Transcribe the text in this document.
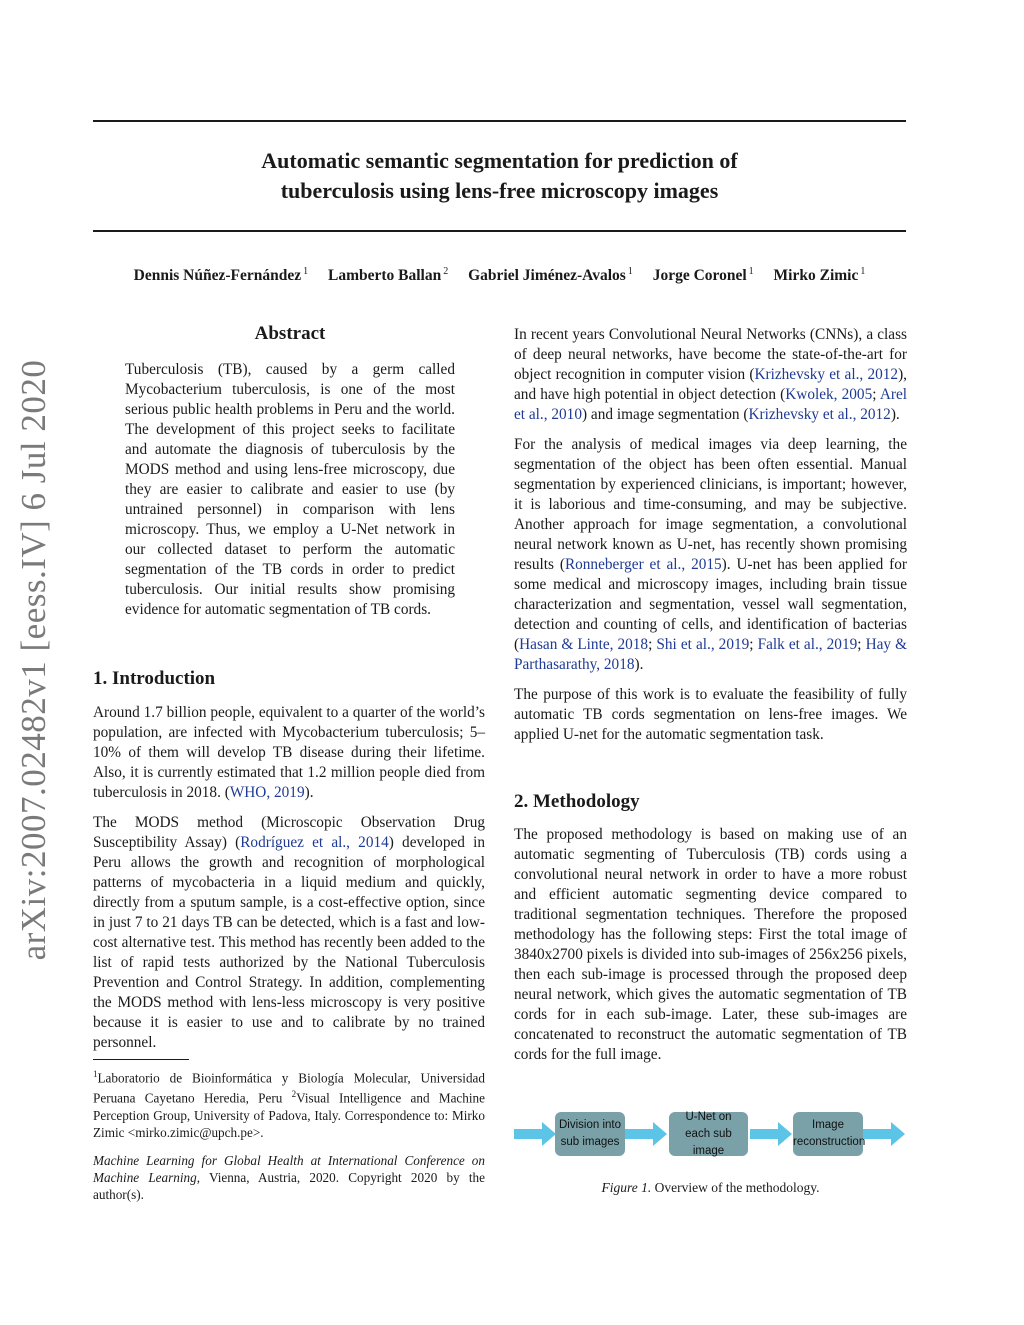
Automatic semantic segmentation for prediction of
tuberculosis using lens-free microscopy images
Dennis Núñez-Fernández $^1$ Lamberto Ballan $^2$ Gabriel Jiménez-Avalos $^1$ Jorge Coronel $^1$ Mirko Zimic $^1$
arXiv:2007.02482v1 [eess.IV] 6 Jul 2020
Abstract

Tuberculosis (TB), caused by a germ called Mycobacterium tuberculosis, is one of the most serious public health problems in Peru and the world. The development of this project seeks to facilitate and automate the diagnosis of tuberculosis by the MODS method and using lens-free microscopy, due they are easier to calibrate and easier to use (by untrained personnel) in comparison with lens microscopy. Thus, we employ a U-Net network in our collected dataset to perform the automatic segmentation of the TB cords in order to predict tuberculosis. Our initial results show promising evidence for automatic segmentation of TB cords.

1. Introduction

Around 1.7 billion people, equivalent to a quarter of the world’s population, are infected with Mycobacterium tuberculosis; 5–10% of them will develop TB disease during their lifetime. Also, it is currently estimated that 1.2 million people died from tuberculosis in 2018. (WHO, 2019).

The MODS method (Microscopic Observation Drug Susceptibility Assay) (Rodríguez et al., 2014) developed in Peru allows the growth and recognition of morphological patterns of mycobacteria in a liquid medium and quickly, directly from a sputum sample, is a cost-effective option, since in just 7 to 21 days TB can be detected, which is a fast and low-cost alternative test. This method has recently been added to the list of rapid tests authorized by the National Tuberculosis Prevention and Control Strategy. In addition, complementing the MODS method with lens-less microscopy is very positive because it is easier to use and to calibrate by no trained personnel.

$^1$Laboratorio de Bioinformática y Biología Molecular, Universidad Peruana Cayetano Heredia, Peru $^2$Visual Intelligence and Machine Perception Group, University of Padova, Italy. Correspondence to: Mirko Zimic <mirko.zimic@upch.pe>.
Machine Learning for Global Health at International Conference on Machine Learning, Vienna, Austria, 2020. Copyright 2020 by the author(s).

In recent years Convolutional Neural Networks (CNNs), a class of deep neural networks, have become the state-of-the-art for object recognition in computer vision (Krizhevsky et al., 2012), and have high potential in object detection (Kwolek, 2005; Arel et al., 2010) and image segmentation (Krizhevsky et al., 2012).

For the analysis of medical images via deep learning, the segmentation of the object has been often essential. Manual segmentation by experienced clinicians, is important; however, it is laborious and time-consuming, and may be subjective. Another approach for image segmentation, a convolutional neural network known as U-net, has recently shown promising results (Ronneberger et al., 2015). U-net has been applied for some medical and microscopy images, including brain tissue characterization and segmentation, vessel wall segmentation, detection and counting of cells, and identification of bacterias (Hasan & Linte, 2018; Shi et al., 2019; Falk et al., 2019; Hay & Parthasarathy, 2018).

The purpose of this work is to evaluate the feasibility of fully automatic TB cords segmentation on lens-free images. We applied U-net for the automatic segmentation task.

2. Methodology

The proposed methodology is based on making use of an automatic segmenting of Tuberculosis (TB) cords using a convolutional neural network in order to have a more robust and efficient automatic segmenting device compared to traditional segmentation techniques. Therefore the proposed methodology has the following steps: First the total image of 3840x2700 pixels is divided into sub-images of 256x256 pixels, then each sub-image is processed through the proposed deep neural network, which gives the automatic segmentation of TB cords for in each sub-image. Later, these sub-images are concatenated to reconstruct the automatic segmentation of TB cords for the full image.

Division into
sub images
U-Net on
each sub image
Image
reconstruction
Figure 1. Overview of the methodology.
